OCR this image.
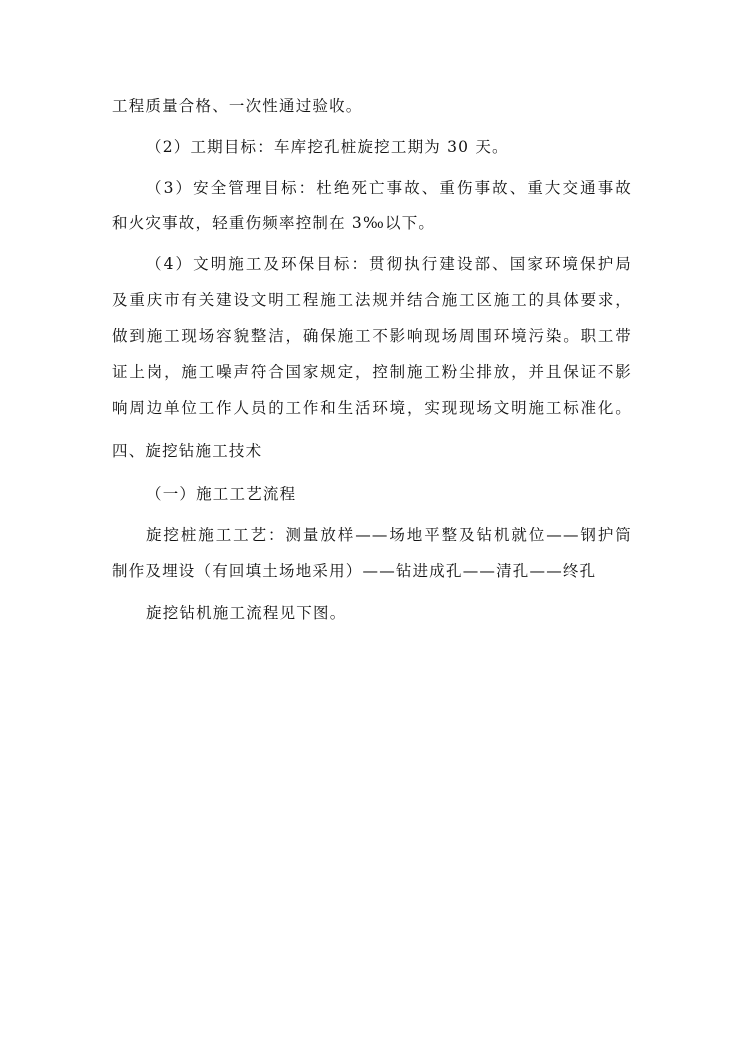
工程质量合格、一次性通过验收。
（2）工期目标：车库挖孔桩旋挖工期为 30 天。
（3）安全管理目标：杜绝死亡事故、重伤事故、重大交通事故
和火灾事故，轻重伤频率控制在 3‰以下。
（4）文明施工及环保目标：贯彻执行建设部、国家环境保护局
及重庆市有关建设文明工程施工法规并结合施工区施工的具体要求，
做到施工现场容貌整洁，确保施工不影响现场周围环境污染。职工带
证上岗，施工噪声符合国家规定，控制施工粉尘排放，并且保证不影
响周边单位工作人员的工作和生活环境，实现现场文明施工标准化。
四、旋挖钻施工技术
（一）施工工艺流程
旋挖桩施工工艺：测量放样——场地平整及钻机就位——钢护筒
制作及埋设（有回填土场地采用）——钻进成孔——清孔——终孔
旋挖钻机施工流程见下图。
